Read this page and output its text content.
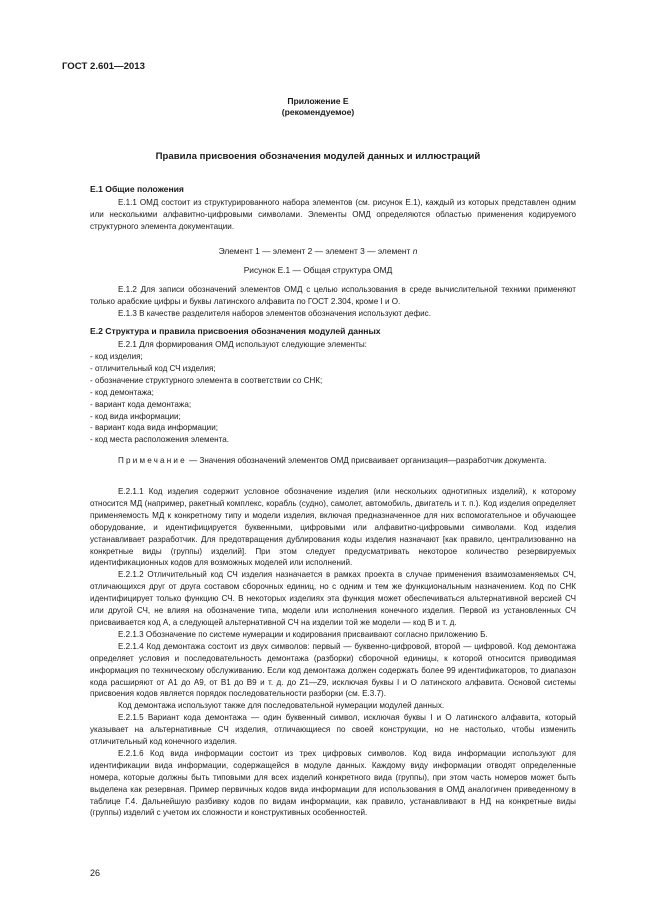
ГОСТ 2.601—2013
Приложение Е
(рекомендуемое)
Правила присвоения обозначения модулей данных и иллюстраций
Е.1 Общие положения

Е.1.1 ОМД состоит из структурированного набора элементов (см. рисунок Е.1), каждый из которых представлен одним или несколькими алфавитно-цифровыми символами. Элементы ОМД определяются областью применения кодируемого структурного элемента документации.

Элемент 1 — элемент 2 — элемент 3 — элемент n
Рисунок Е.1 — Общая структура ОМД

Е.1.2 Для записи обозначений элементов ОМД с целью использования в среде вычислительной техники применяют только арабские цифры и буквы латинского алфавита по ГОСТ 2.304, кроме I и O.

Е.1.3 В качестве разделителя наборов элементов обозначения используют дефис.

Е.2 Структура и правила присвоения обозначения модулей данных

Е.2.1 Для формирования ОМД используют следующие элементы:

- код изделия;
- отличительный код СЧ изделия;
- обозначение структурного элемента в соответствии со СНК;
- код демонтажа;
- вариант кода демонтажа;
- код вида информации;
- вариант кода вида информации;
- код места расположения элемента.

Примечание — Значения обозначений элементов ОМД присваивает организация—разработчик документа.

Е.2.1.1 Код изделия содержит условное обозначение изделия (или нескольких однотипных изделий), к которому относится МД (например, ракетный комплекс, корабль (судно), самолет, автомобиль, двигатель и т. п.). Код изделия определяет применяемость МД к конкретному типу и модели изделия, включая предназначенное для них вспомогательное и обучающее оборудование, и идентифицируется буквенными, цифровыми или алфавитно-цифровыми символами. Код изделия устанавливает разработчик. Для предотвращения дублирования коды изделия назначают [как правило, централизованно на конкретные виды (группы) изделий]. При этом следует предусматривать некоторое количество резервируемых идентификационных кодов для возможных моделей или исполнений.

Е.2.1.2 Отличительный код СЧ изделия назначается в рамках проекта в случае применения взаимозаменяемых СЧ, отличающихся друг от друга составом сборочных единиц, но с одним и тем же функциональным назначением. Код по СНК идентифицирует только функцию СЧ. В некоторых изделиях эта функция может обеспечиваться альтернативной версией СЧ или другой СЧ, не влияя на обозначение типа, модели или исполнения конечного изделия. Первой из установленных СЧ присваивается код А, а следующей альтернативной СЧ на изделии той же модели — код В и т. д.

Е.2.1.3 Обозначение по системе нумерации и кодирования присваивают согласно приложению Б.

Е.2.1.4 Код демонтажа состоит из двух символов: первый — буквенно-цифровой, второй — цифровой. Код демонтажа определяет условия и последовательность демонтажа (разборки) сборочной единицы, к которой относится приводимая информация по техническому обслуживанию. Если код демонтажа должен содержать более 99 идентификаторов, то диапазон кода расширяют от А1 до А9, от В1 до В9 и т. д. до Z1—Z9, исключая буквы I и O латинского алфавита. Основой системы присвоения кодов является порядок последовательности разборки (см. Е.3.7).

Код демонтажа используют также для последовательной нумерации модулей данных.

Е.2.1.5 Вариант кода демонтажа — один буквенный символ, исключая буквы I и O латинского алфавита, который указывает на альтернативные СЧ изделия, отличающиеся по своей конструкции, но не настолько, чтобы изменить отличительный код конечного изделия.

Е.2.1.6 Код вида информации состоит из трех цифровых символов. Код вида информации используют для идентификации вида информации, содержащейся в модуле данных. Каждому виду информации отводят определенные номера, которые должны быть типовыми для всех изделий конкретного вида (группы), при этом часть номеров может быть выделена как резервная. Пример первичных кодов вида информации для использования в ОМД аналогичен приведенному в таблице Г.4. Дальнейшую разбивку кодов по видам информации, как правило, устанавливают в НД на конкретные виды (группы) изделий с учетом их сложности и конструктивных особенностей.

26
